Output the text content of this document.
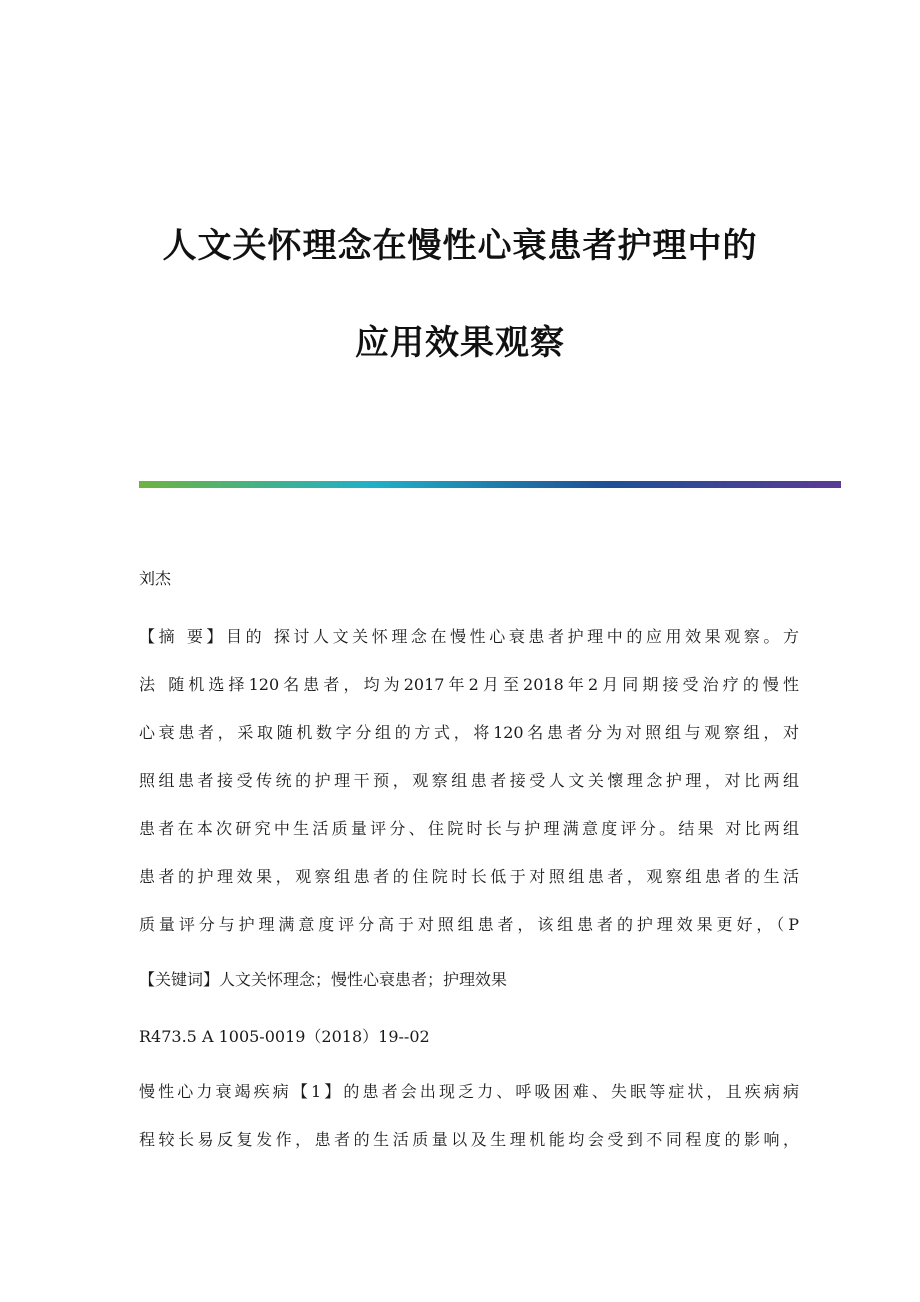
人文关怀理念在慢性心衰患者护理中的
应用效果观察
刘杰
【摘 要】目的 探讨人文关怀理念在慢性心衰患者护理中的应用效果观察。方
法 随机选择120名患者，均为2017年2月至2018年2月同期接受治疗的慢性
心衰患者，采取随机数字分组的方式，将120名患者分为对照组与观察组，对
照组患者接受传统的护理干预，观察组患者接受人文关懷理念护理，对比两组
患者在本次研究中生活质量评分、住院时长与护理满意度评分。结果 对比两组
患者的护理效果，观察组患者的住院时长低于对照组患者，观察组患者的生活
质量评分与护理满意度评分高于对照组患者，该组患者的护理效果更好，（P
【关键词】人文关怀理念；慢性心衰患者；护理效果
R473.5 A 1005-0019（2018）19--02
慢性心力衰竭疾病【1】的患者会出现乏力、呼吸困难、失眠等症状，且疾病病
程较长易反复发作，患者的生活质量以及生理机能均会受到不同程度的影响，
